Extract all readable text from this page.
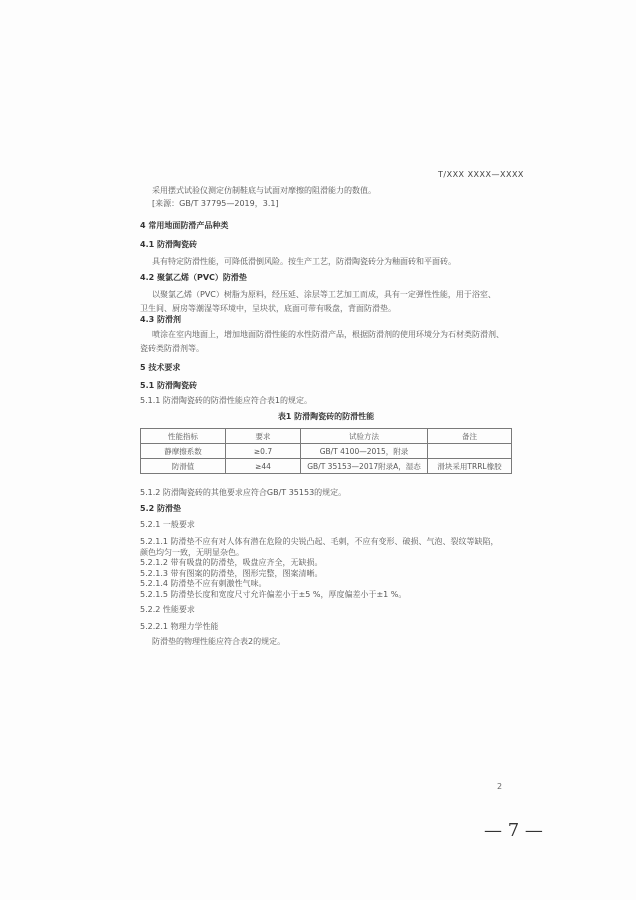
T/XXX XXXX—XXXX
采用摆式试验仪测定仿制鞋底与试面对摩擦的阻滑能力的数值。
[来源：GB/T 37795—2019，3.1]
4 常用地面防滑产品种类
4.1 防滑陶瓷砖
具有特定防滑性能，可降低滑倒风险。按生产工艺，防滑陶瓷砖分为釉面砖和平面砖。
4.2 聚氯乙烯（PVC）防滑垫
以聚氯乙烯（PVC）树脂为原料，经压延、涂层等工艺加工而成，具有一定弹性性能，用于浴室、
卫生间、厨房等潮湿等环境中，呈块状，底面可带有吸盘，背面防滑垫。
4.3 防滑剂
喷涂在室内地面上，增加地面防滑性能的水性防滑产品，根据防滑剂的使用环境分为石材类防滑剂、
瓷砖类防滑剂等。
5 技术要求
5.1 防滑陶瓷砖
5.1.1 防滑陶瓷砖的防滑性能应符合表1的规定。
表1 防滑陶瓷砖的防滑性能
性能指标	要求	试验方法	备注
静摩擦系数	≥0.7	GB/T 4100—2015，附录	
防滑值	≥44	GB/T 35153—2017附录A，湿态	滑块采用TRRL橡胶
5.1.2 防滑陶瓷砖的其他要求应符合GB/T 35153的规定。
5.2 防滑垫
5.2.1 一般要求
5.2.1.1 防滑垫不应有对人体有潜在危险的尖锐凸起、毛刺，不应有变形、破损、气泡、裂纹等缺陷，
颜色均匀一致，无明显杂色。
5.2.1.2 带有吸盘的防滑垫，吸盘应齐全，无缺损。
5.2.1.3 带有图案的防滑垫，图形完整，图案清晰。
5.2.1.4 防滑垫不应有刺激性气味。
5.2.1.5 防滑垫长度和宽度尺寸允许偏差小于±5 %，厚度偏差小于±1 %。
5.2.2 性能要求
5.2.2.1 物理力学性能
防滑垫的物理性能应符合表2的规定。
2
— 7 —
